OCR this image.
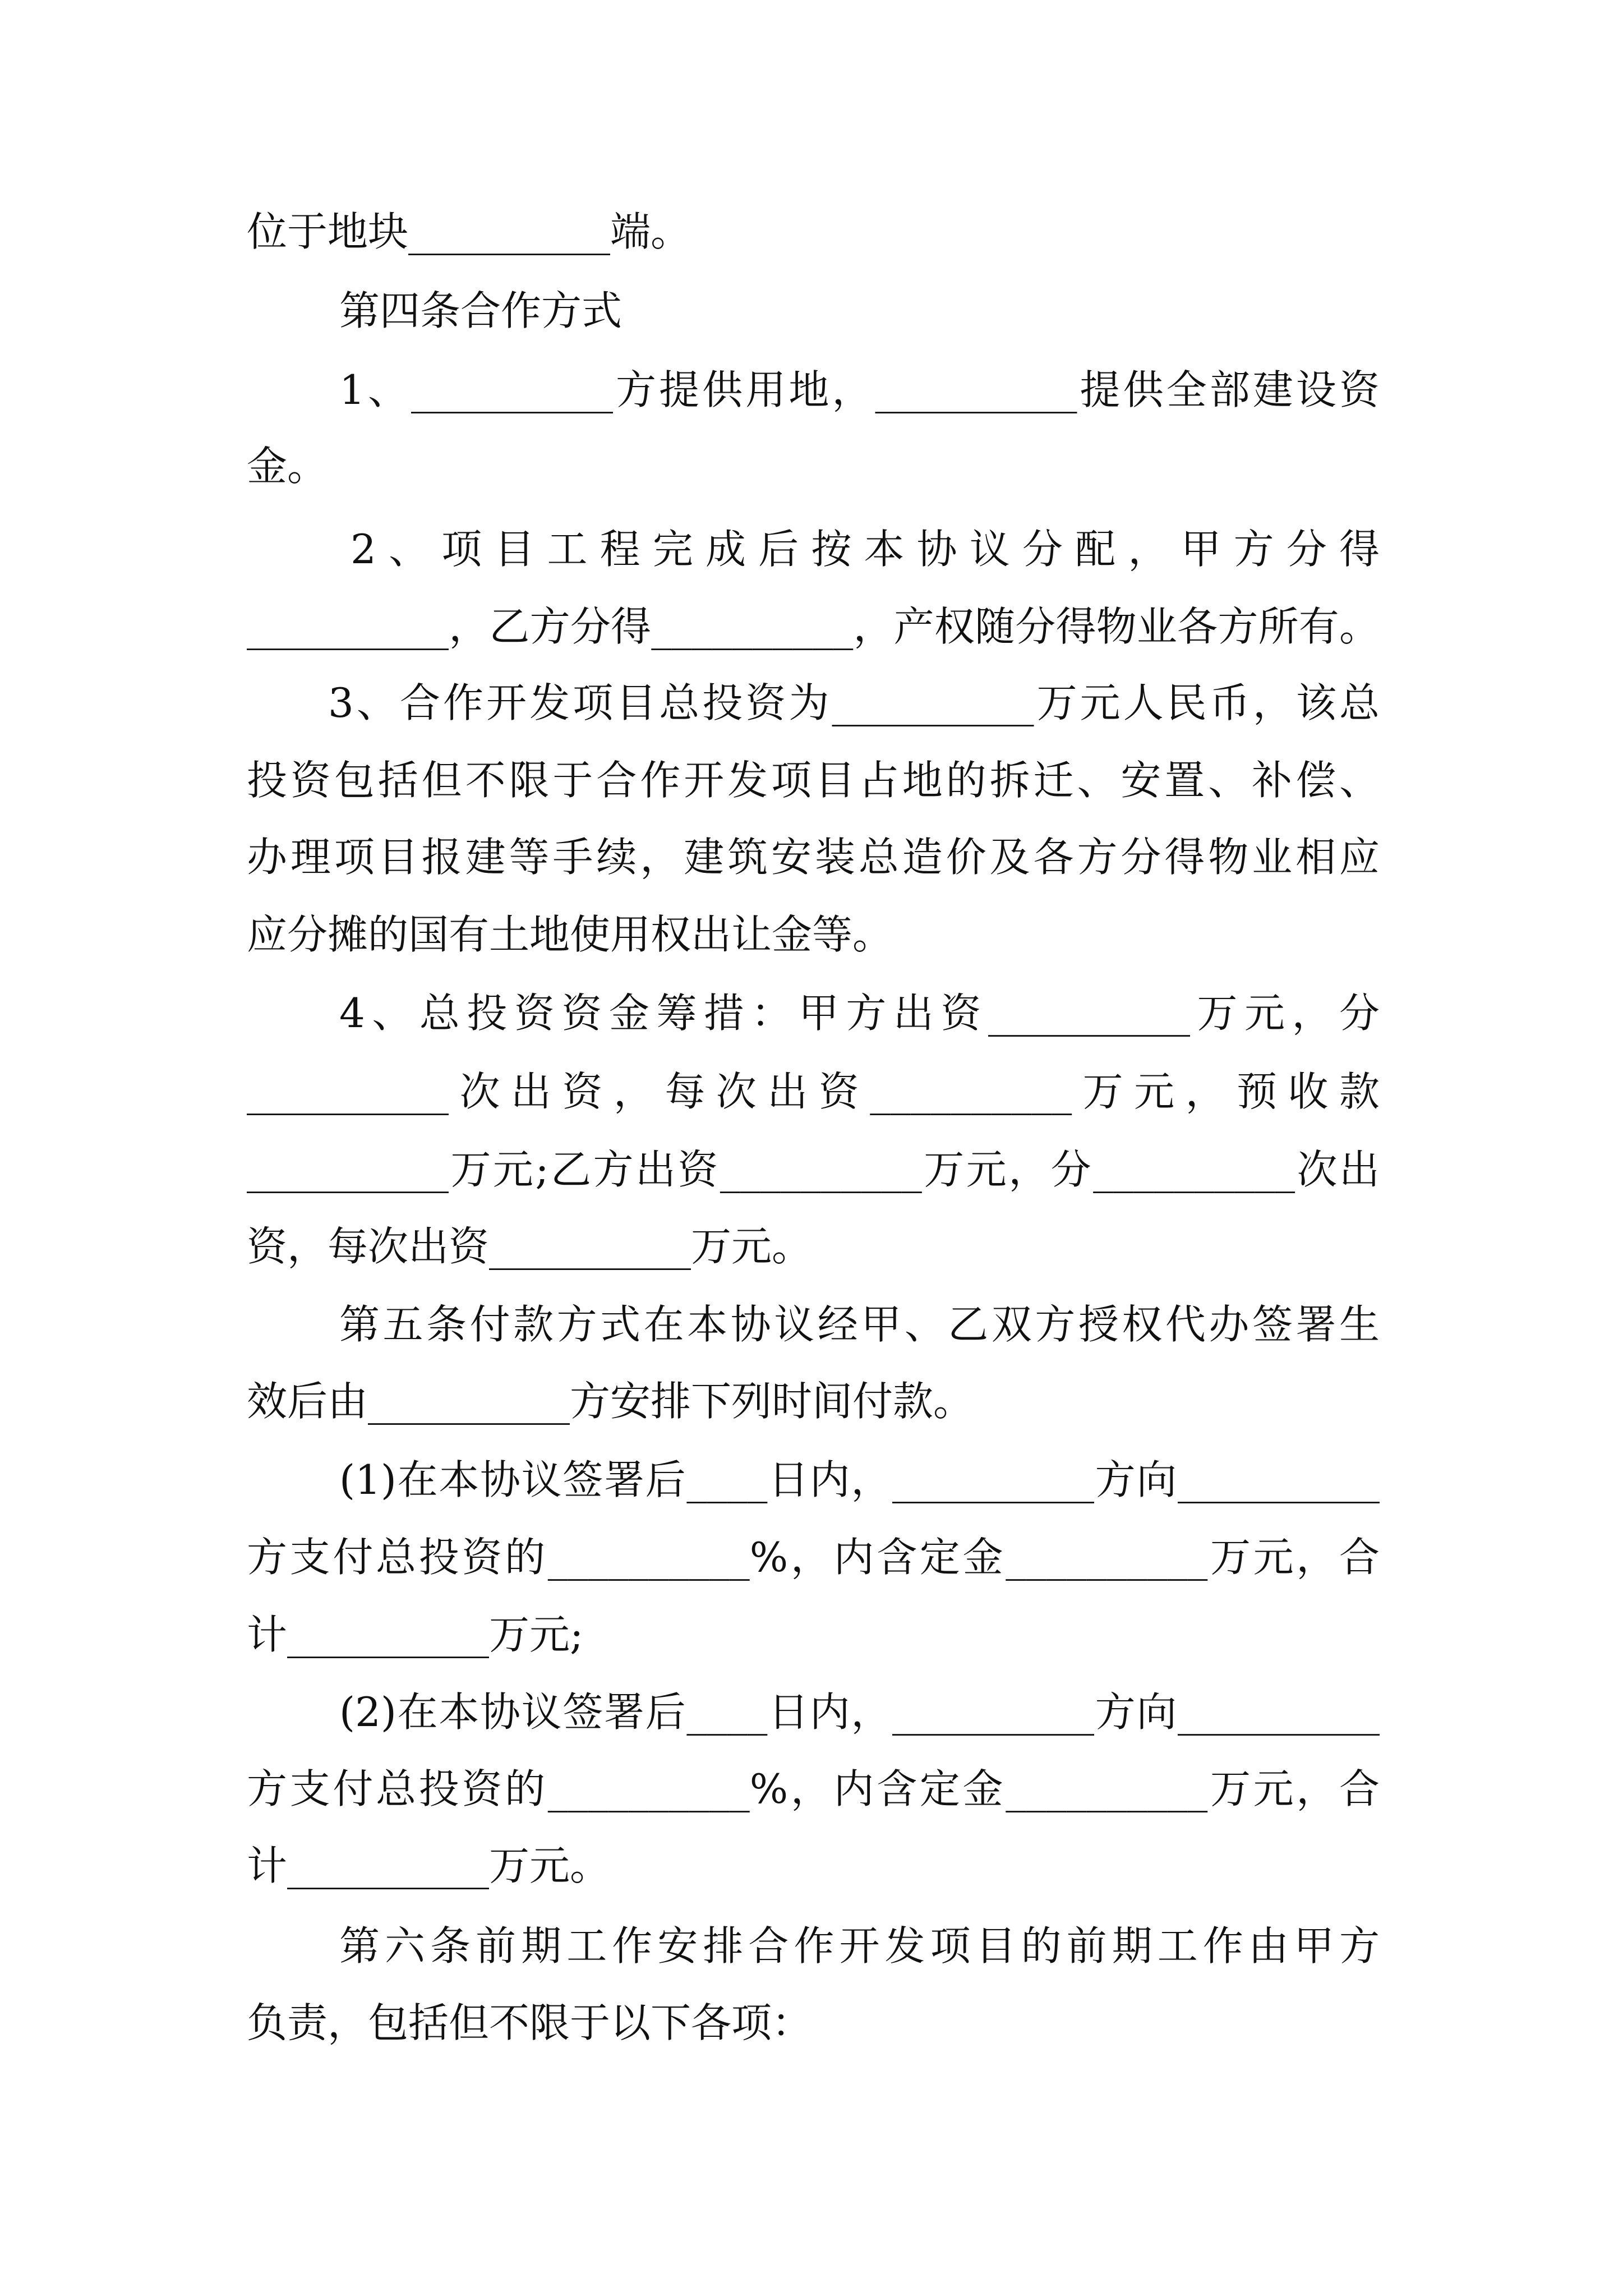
位于地块__________端。
第四条合作方式
1、__________方提供用地，__________提供全部建设资
金。
2、项目工程完成后按本协议分配，甲方分得
__________，乙方分得__________，产权随分得物业各方所有。
3、合作开发项目总投资为__________万元人民币，该总
投资包括但不限于合作开发项目占地的拆迁、安置、补偿、
办理项目报建等手续，建筑安装总造价及各方分得物业相应
应分摊的国有土地使用权出让金等。
4、总投资资金筹措：甲方出资__________万元，分
__________次出资，每次出资__________万元，预收款
__________万元;乙方出资__________万元，分__________次出
资，每次出资__________万元。
第五条付款方式在本协议经甲、乙双方授权代办签署生
效后由__________方安排下列时间付款。
(1)在本协议签署后____日内，__________方向__________
方支付总投资的__________%，内含定金__________万元，合
计__________万元;
(2)在本协议签署后____日内，__________方向__________
方支付总投资的__________%，内含定金__________万元，合
计__________万元。
第六条前期工作安排合作开发项目的前期工作由甲方
负责，包括但不限于以下各项：
